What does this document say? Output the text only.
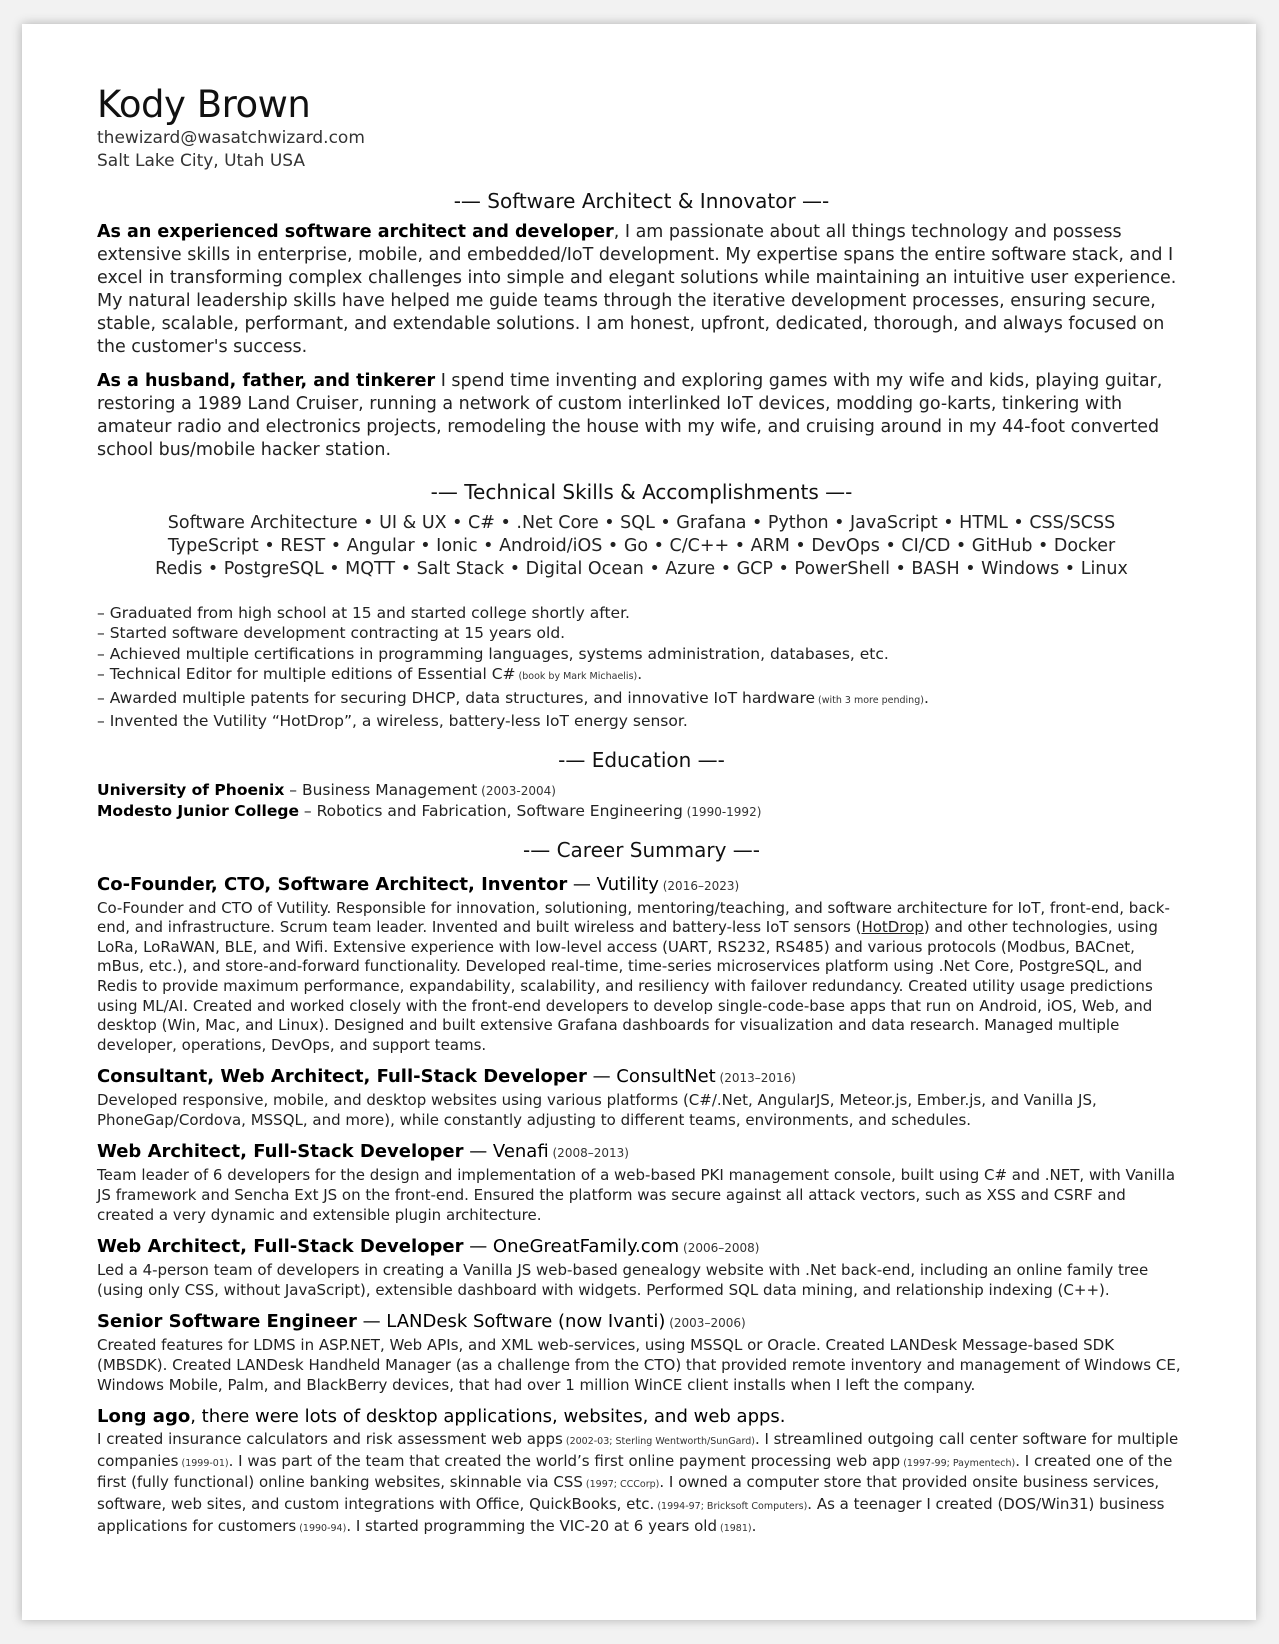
Kody Brown
thewizard@wasatchwizard.com
Salt Lake City, Utah USA
-— Software Architect & Innovator —-

As an experienced software architect and developer, I am passionate about all things technology and possess extensive skills in enterprise, mobile, and embedded/IoT development. My expertise spans the entire software stack, and I excel in transforming complex challenges into simple and elegant solutions while maintaining an intuitive user experience. My natural leadership skills have helped me guide teams through the iterative development processes, ensuring secure, stable, scalable, performant, and extendable solutions. I am honest, upfront, dedicated, thorough, and always focused on the customer's success.

As a husband, father, and tinkerer I spend time inventing and exploring games with my wife and kids, playing guitar, restoring a 1989 Land Cruiser, running a network of custom interlinked IoT devices, modding go-karts, tinkering with amateur radio and electronics projects, remodeling the house with my wife, and cruising around in my 44-foot converted school bus/mobile hacker station.

-— Technical Skills & Accomplishments —-
Software Architecture • UI & UX • C# • .Net Core • SQL • Grafana • Python • JavaScript • HTML • CSS/SCSS
TypeScript • REST • Angular • Ionic • Android/iOS • Go • C/C++ • ARM • DevOps • CI/CD • GitHub • Docker
Redis • PostgreSQL • MQTT • Salt Stack • Digital Ocean • Azure • GCP • PowerShell • BASH • Windows • Linux
– Graduated from high school at 15 and started college shortly after.
– Started software development contracting at 15 years old.
– Achieved multiple certifications in programming languages, systems administration, databases, etc.
– Technical Editor for multiple editions of Essential C# (book by Mark Michaelis).
– Awarded multiple patents for securing DHCP, data structures, and innovative IoT hardware (with 3 more pending).
– Invented the Vutility “HotDrop”, a wireless, battery-less IoT energy sensor.
-— Education —-
University of Phoenix – Business Management (2003-2004)
Modesto Junior College – Robotics and Fabrication, Software Engineering (1990-1992)
-— Career Summary —-
Co-Founder, CTO, Software Architect, Inventor — Vutility (2016–2023)
Co-Founder and CTO of Vutility. Responsible for innovation, solutioning, mentoring/teaching, and software architecture for IoT, front-end, back-end, and infrastructure. Scrum team leader. Invented and built wireless and battery-less IoT sensors (HotDrop) and other technologies, using LoRa, LoRaWAN, BLE, and Wifi. Extensive experience with low-level access (UART, RS232, RS485) and various protocols (Modbus, BACnet, mBus, etc.), and store-and-forward functionality. Developed real-time, time-series microservices platform using .Net Core, PostgreSQL, and Redis to provide maximum performance, expandability, scalability, and resiliency with failover redundancy. Created utility usage predictions using ML/AI. Created and worked closely with the front-end developers to develop single-code-base apps that run on Android, iOS, Web, and desktop (Win, Mac, and Linux). Designed and built extensive Grafana dashboards for visualization and data research. Managed multiple developer, operations, DevOps, and support teams.
Consultant, Web Architect, Full-Stack Developer — ConsultNet (2013–2016)
Developed responsive, mobile, and desktop websites using various platforms (C#/.Net, AngularJS, Meteor.js, Ember.js, and Vanilla JS, PhoneGap/Cordova, MSSQL, and more), while constantly adjusting to different teams, environments, and schedules.
Web Architect, Full-Stack Developer — Venafi (2008–2013)
Team leader of 6 developers for the design and implementation of a web-based PKI management console, built using C# and .NET, with Vanilla JS framework and Sencha Ext JS on the front-end. Ensured the platform was secure against all attack vectors, such as XSS and CSRF and created a very dynamic and extensible plugin architecture.
Web Architect, Full-Stack Developer — OneGreatFamily.com (2006–2008)
Led a 4-person team of developers in creating a Vanilla JS web-based genealogy website with .Net back-end, including an online family tree (using only CSS, without JavaScript), extensible dashboard with widgets. Performed SQL data mining, and relationship indexing (C++).
Senior Software Engineer — LANDesk Software (now Ivanti) (2003–2006)
Created features for LDMS in ASP.NET, Web APIs, and XML web-services, using MSSQL or Oracle. Created LANDesk Message-based SDK (MBSDK). Created LANDesk Handheld Manager (as a challenge from the CTO) that provided remote inventory and management of Windows CE, Windows Mobile, Palm, and BlackBerry devices, that had over 1 million WinCE client installs when I left the company.
Long ago, there were lots of desktop applications, websites, and web apps.
I created insurance calculators and risk assessment web apps (2002-03; Sterling Wentworth/SunGard). I streamlined outgoing call center software for multiple companies (1999-01). I was part of the team that created the world’s first online payment processing web app (1997-99; Paymentech). I created one of the first (fully functional) online banking websites, skinnable via CSS (1997; CCCorp). I owned a computer store that provided onsite business services, software, web sites, and custom integrations with Office, QuickBooks, etc. (1994-97; Bricksoft Computers). As a teenager I created (DOS/Win31) business applications for customers (1990-94). I started programming the VIC-20 at 6 years old (1981).
